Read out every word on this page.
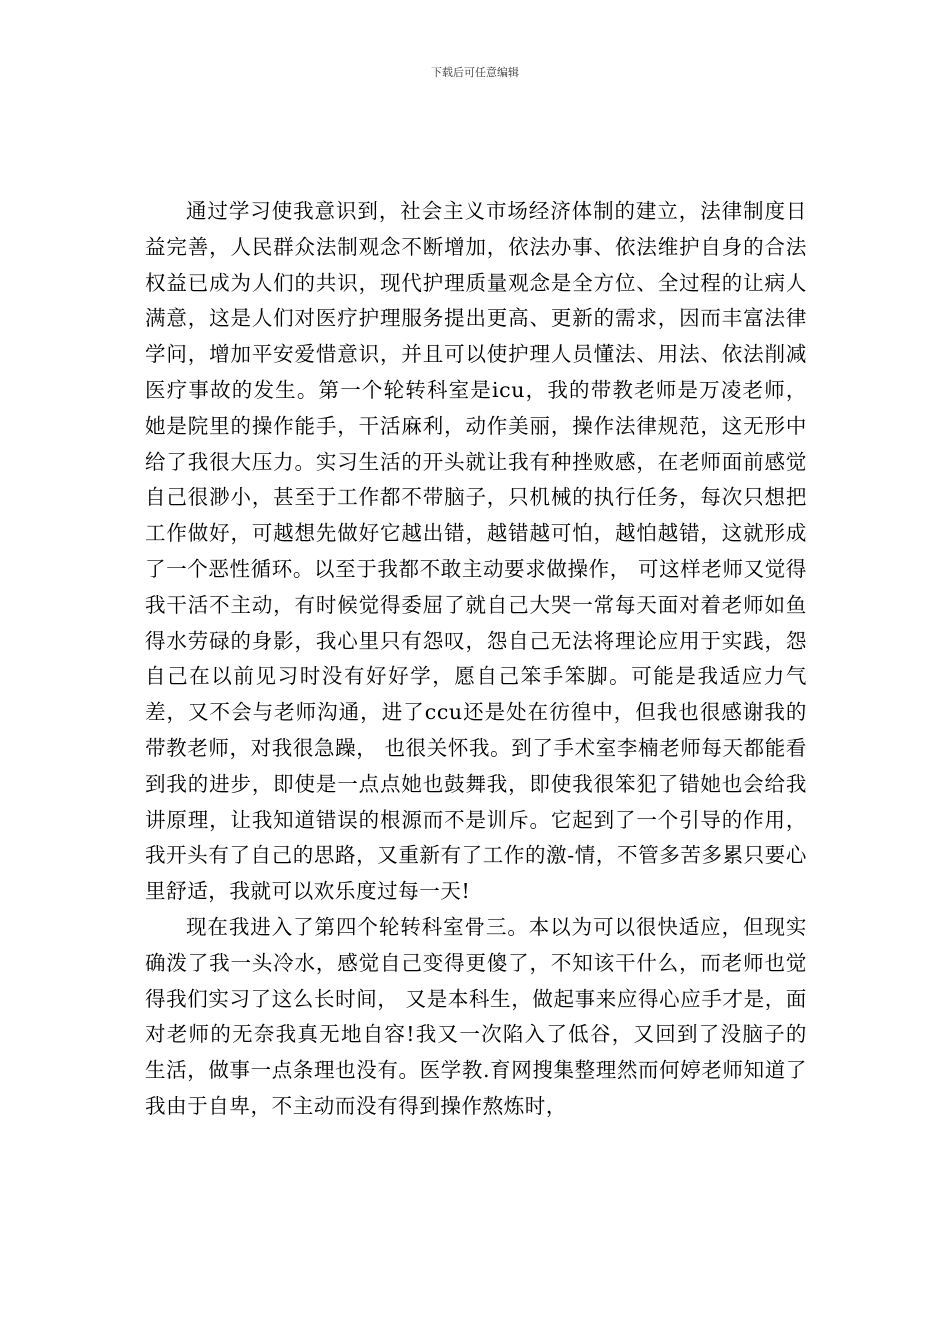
下载后可任意编辑

通过学习使我意识到，社会主义市场经济体制的建立，法律制度日益完善，人民群众法制观念不断增加，依法办事、依法维护自身的合法权益已成为人们的共识，现代护理质量观念是全方位、全过程的让病人满意，这是人们对医疗护理服务提出更高、更新的需求，因而丰富法律学问，增加平安爱惜意识，并且可以使护理人员懂法、用法、依法削减医疗事故的发生。第一个轮转科室是icu，我的带教老师是万凌老师，她是院里的操作能手，干活麻利，动作美丽，操作法律规范，这无形中给了我很大压力。实习生活的开头就让我有种挫败感，在老师面前感觉自己很渺小，甚至于工作都不带脑子，只机械的执行任务，每次只想把工作做好，可越想先做好它越出错，越错越可怕，越怕越错，这就形成了一个恶性循环。以至于我都不敢主动要求做操作， 可这样老师又觉得我干活不主动，有时候觉得委屈了就自己大哭一常每天面对着老师如鱼得水劳碌的身影，我心里只有怨叹，怨自己无法将理论应用于实践，怨自己在以前见习时没有好好学，愿自己笨手笨脚。可能是我适应力气差，又不会与老师沟通，进了ccu还是处在彷徨中，但我也很感谢我的带教老师，对我很急躁， 也很关怀我。到了手术室李楠老师每天都能看到我的进步，即使是一点点她也鼓舞我，即使我很笨犯了错她也会给我讲原理，让我知道错误的根源而不是训斥。它起到了一个引导的作用，我开头有了自己的思路，又重新有了工作的激-情，不管多苦多累只要心里舒适，我就可以欢乐度过每一天!

现在我进入了第四个轮转科室骨三。本以为可以很快适应，但现实确泼了我一头冷水，感觉自己变得更傻了，不知该干什么，而老师也觉得我们实习了这么长时间， 又是本科生，做起事来应得心应手才是，面对老师的无奈我真无地自容!我又一次陷入了低谷，又回到了没脑子的生活，做事一点条理也没有。医学教.育网搜集整理然而何婷老师知道了我由于自卑，不主动而没有得到操作熬炼时，
